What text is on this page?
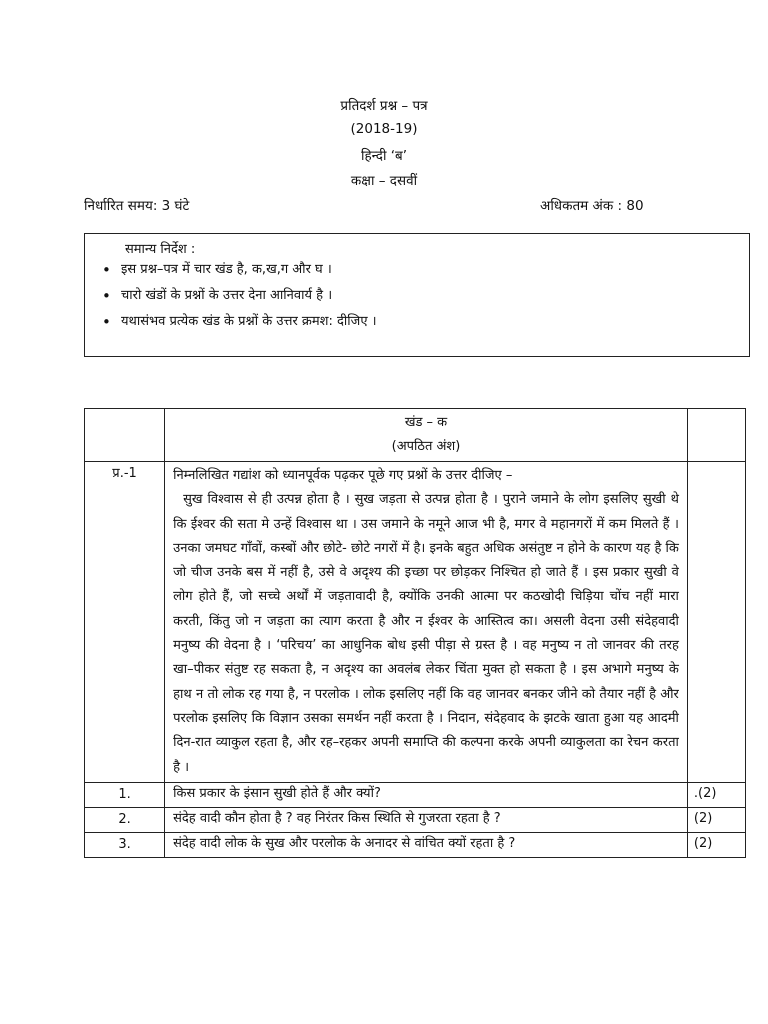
प्रतिदर्श प्रश्न – पत्र
(2018-19)
हिन्दी ‘ब’
कक्षा – दसवीं
निर्धारित समय: 3 घंटे	अधिकतम अंक : 80
समान्य निर्देश :
• इस प्रश्न–पत्र में चार खंड है, क,ख,ग और घ ।
• चारो खंडों के प्रश्नों के उत्तर देना आनिवार्य है ।
• यथासंभव प्रत्येक खंड के प्रश्नों के उत्तर क्रमश: दीजिए ।

	खंड – क
(अपठित अंश)	

प्र.-1	निम्नलिखित गद्यांश को ध्यानपूर्वक पढ़कर पूछे गए प्रश्नों के उत्तर दीजिए –
सुख विश्वास से ही उत्पन्न होता है । सुख जड़ता से उत्पन्न होता है । पुराने जमाने के लोग इसलिए सुखी थे कि ईश्वर की सता मे उन्हें विश्वास था । उस जमाने के नमूने आज भी है, मगर वे महानगरों में कम मिलते हैं । उनका जमघट गाँवों, कस्बों और छोटे- छोटे नगरों में है। इनके बहुत अधिक असंतुष्ट न होने के कारण यह है कि जो चीज उनके बस में नहीं है, उसे वे अदृश्य की इच्छा पर छोड़कर निश्चित हो जाते हैं । इस प्रकार सुखी वे लोग होते हैं, जो सच्चे अर्थों में जड़तावादी है, क्योंकि उनकी आत्मा पर कठखोदी चिड़िया चोंच नहीं मारा करती, किंतु जो न जड़ता का त्याग करता है और न ईश्वर के आस्तित्व का। असली वेदना उसी संदेहवादी मनुष्य की वेदना है । ‘परिचय’ का आधुनिक बोध इसी पीड़ा से ग्रस्त है । वह मनुष्य न तो जानवर की तरह खा–पीकर संतुष्ट रह सकता है, न अदृश्य का अवलंब लेकर चिंता मुक्त हो सकता है । इस अभागे मनुष्य के हाथ न तो लोक रह गया है, न परलोक । लोक इसलिए नहीं कि वह जानवर बनकर जीने को तैयार नहीं है और परलोक इसलिए कि विज्ञान उसका समर्थन नहीं करता है । निदान, संदेहवाद के झटके खाता हुआ यह आदमी दिन-रात व्याकुल रहता है, और रह–रहकर अपनी समाप्ति की कल्पना करके अपनी व्याकुलता का रेचन करता है ।	

1.	किस प्रकार के इंसान सुखी होते हैं और क्यों?	.(2)
2.	संदेह वादी कौन होता है ? वह निरंतर किस स्थिति से गुजरता रहता है ?	(2)
3.	संदेह वादी लोक के सुख और परलोक के अनादर से वांचित क्यों रहता है ?	(2)
